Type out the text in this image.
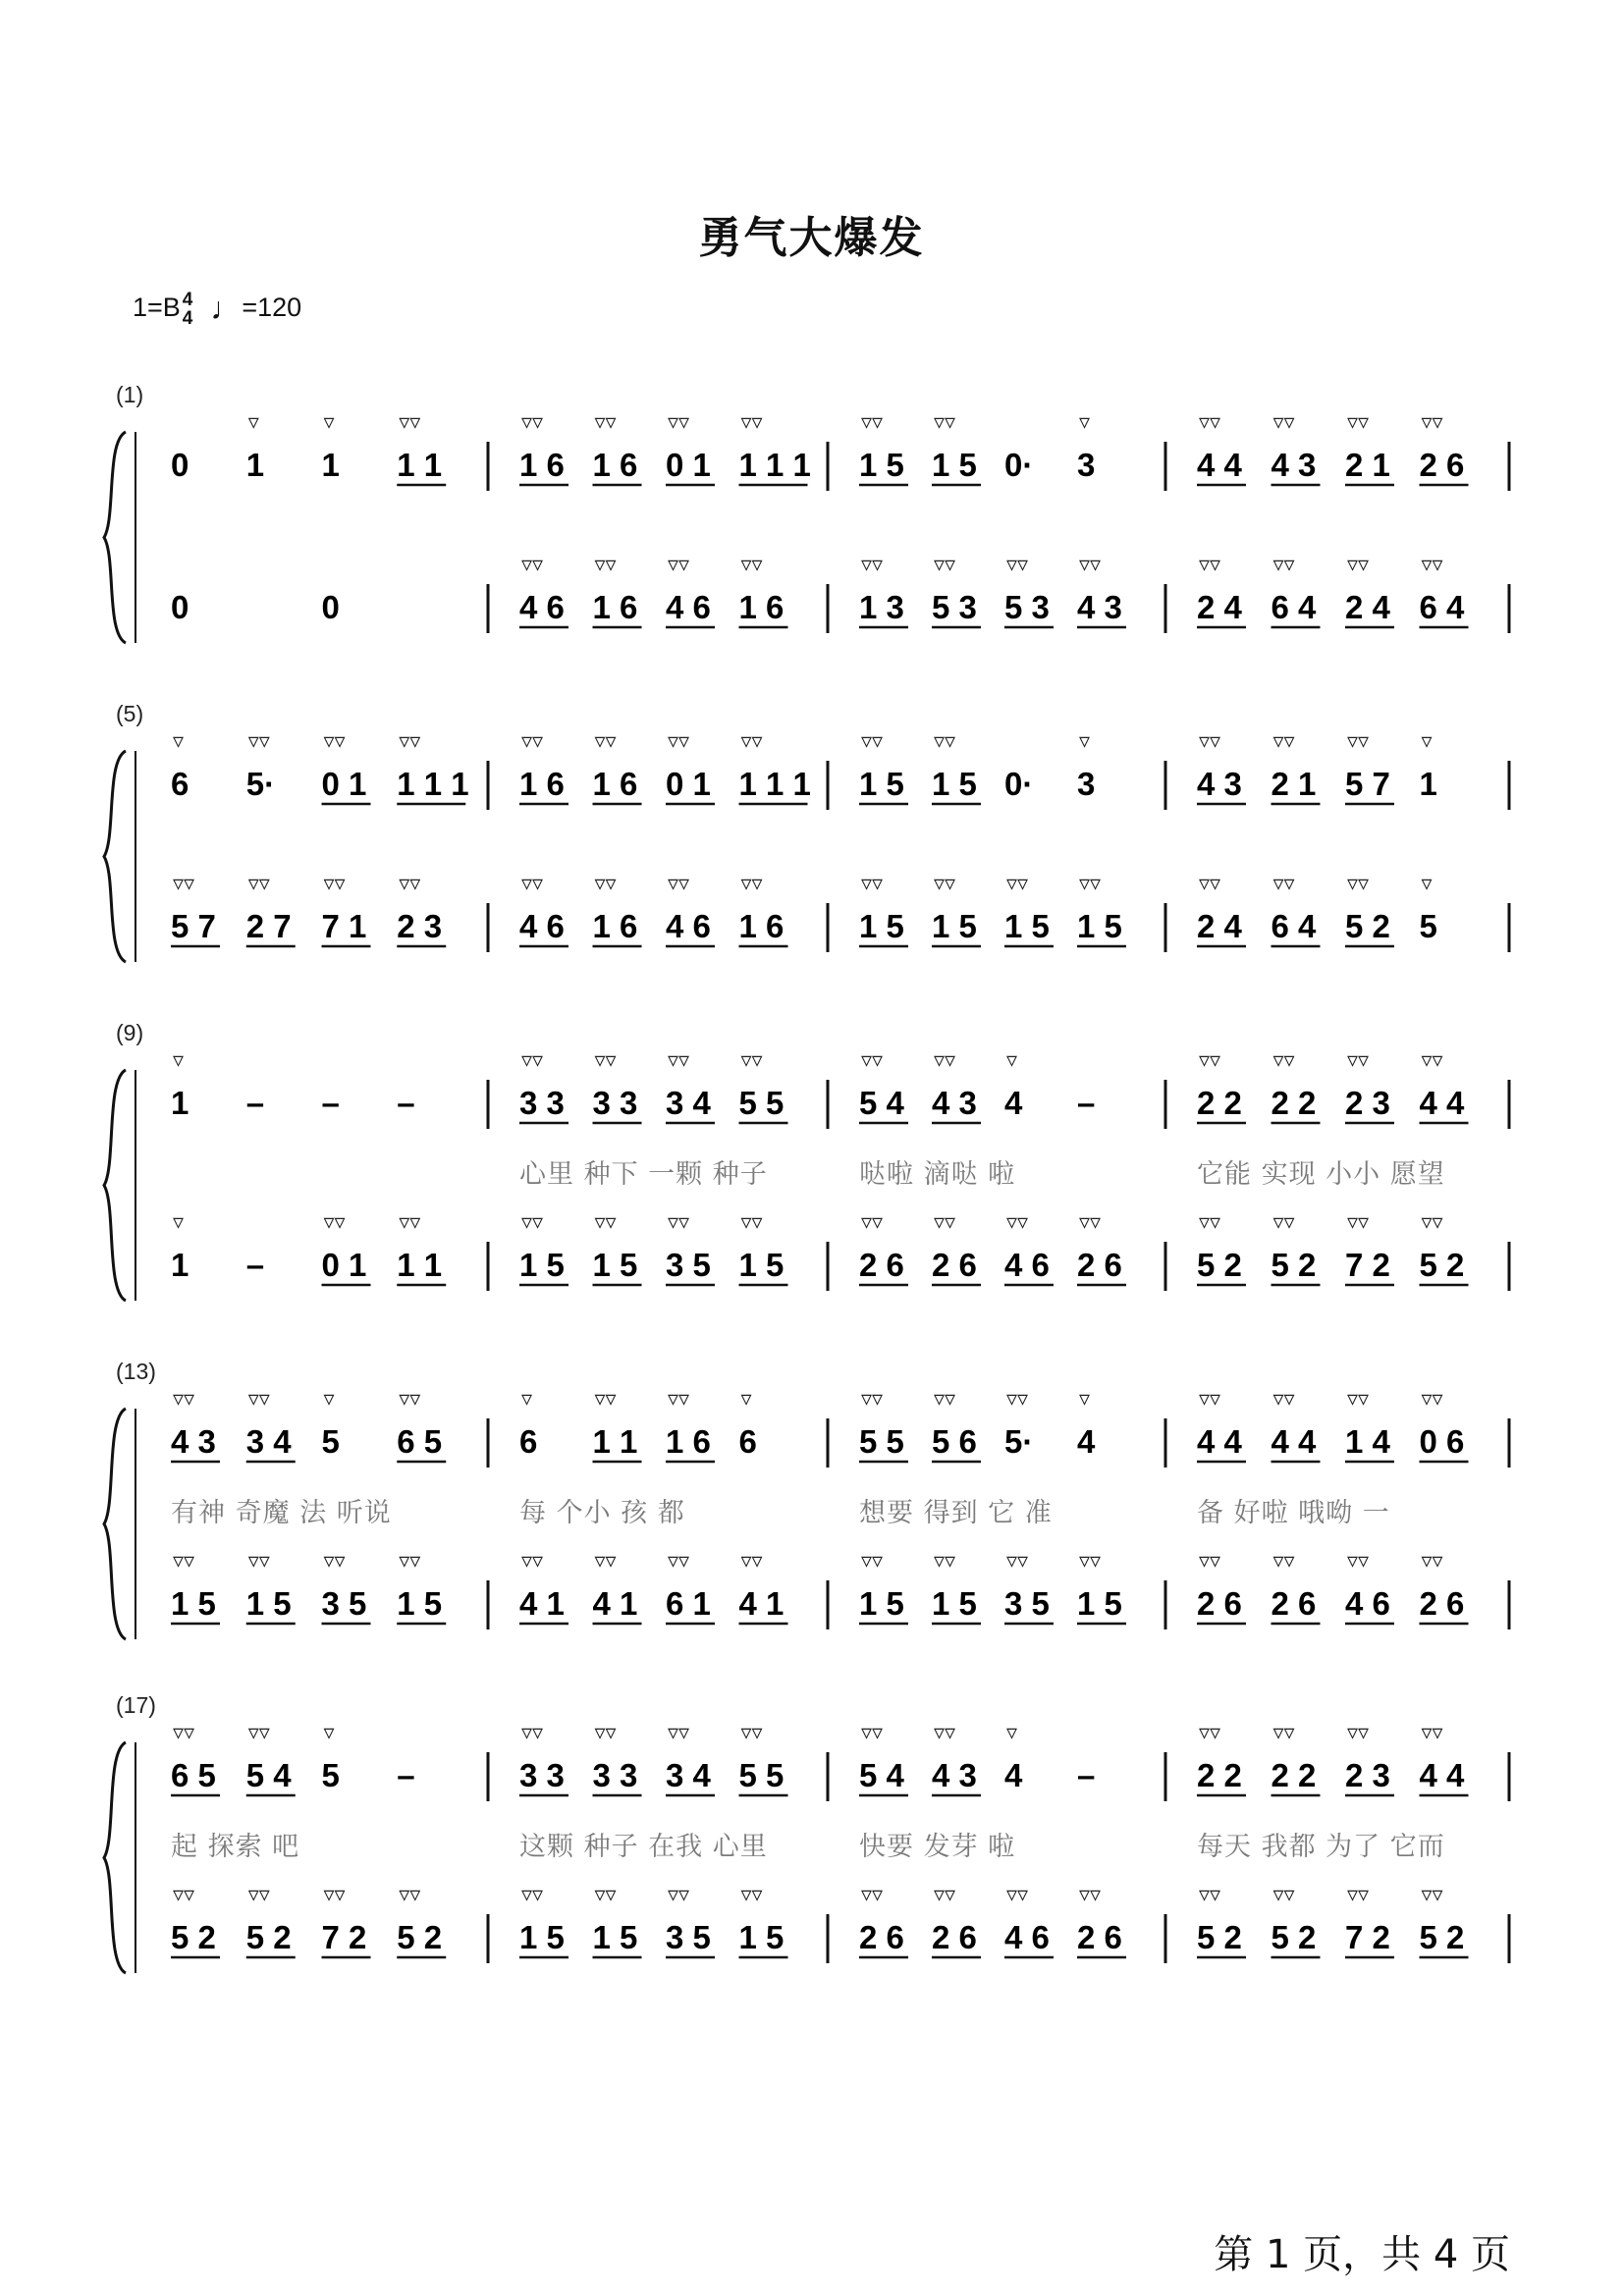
勇气大爆发
1=B 4
4 ♩=120
(1)
0 1
▿
1
▿
1 1
▿▿
0	0
1 6
▿▿
1 6
▿▿
0 1
▿▿
1 1 1
▿▿
4 6
▿▿
1 6
▿▿
4 6
▿▿
1 6
▿▿
1 5
▿▿
1 5
▿▿
0· 3
▿
1 3
▿▿
5 3
▿▿
5 3
▿▿
4 3
▿▿
4 4
▿▿
4 3
▿▿
2 1
▿▿
2 6
▿▿
2 4
▿▿
6 4
▿▿
2 4
▿▿
6 4
▿▿
(5)
6
▿
5·
▿▿
0 1
▿▿
1 1 1
▿▿
5 7
▿▿
2 7
▿▿
7 1
▿▿
2 3
▿▿
1 6
▿▿
1 6
▿▿
0 1
▿▿
1 1 1
▿▿
4 6
▿▿
1 6
▿▿
4 6
▿▿
1 6
▿▿
1 5
▿▿
1 5
▿▿
0· 3
▿
1 5
▿▿
1 5
▿▿
1 5
▿▿
1 5
▿▿
4 3
▿▿
2 1
▿▿
5 7
▿▿
1
▿
2 4
▿▿
6 4
▿▿
5 2
▿▿
5
▿
(9)
1
▿
– – –
1
▿
– 0 1
▿▿
1 1
▿▿
3 3
▿▿
3 3
▿▿
3 4
▿▿
5 5
▿▿
1 5
▿▿
1 5
▿▿
3 5
▿▿
1 5
▿▿
心里 种下 一颗 种子
5 4
▿▿
4 3
▿▿
4
▿
–
2 6
▿▿
2 6
▿▿
4 6
▿▿
2 6
▿▿
哒啦 滴哒 啦
2 2
▿▿
2 2
▿▿
2 3
▿▿
4 4
▿▿
5 2
▿▿
5 2
▿▿
7 2
▿▿
5 2
▿▿
它能 实现 小小 愿望
(13)
4 3
▿▿
3 4
▿▿
5
▿
6 5
▿▿
1 5
▿▿
1 5
▿▿
3 5
▿▿
1 5
▿▿
有神 奇魔 法 听说
6
▿
1 1
▿▿
1 6
▿▿
6
▿
4 1
▿▿
4 1
▿▿
6 1
▿▿
4 1
▿▿
每 个小 孩 都
5 5
▿▿
5 6
▿▿
5·
▿▿
4
▿
1 5
▿▿
1 5
▿▿
3 5
▿▿
1 5
▿▿
想要 得到 它 准
4 4
▿▿
4 4
▿▿
1 4
▿▿
0 6
▿▿
2 6
▿▿
2 6
▿▿
4 6
▿▿
2 6
▿▿
备 好啦 哦呦 一
(17)
6 5
▿▿
5 4
▿▿
5
▿
–
5 2
▿▿
5 2
▿▿
7 2
▿▿
5 2
▿▿
起 探索 吧
3 3
▿▿
3 3
▿▿
3 4
▿▿
5 5
▿▿
1 5
▿▿
1 5
▿▿
3 5
▿▿
1 5
▿▿
这颗 种子 在我 心里
5 4
▿▿
4 3
▿▿
4
▿
–
2 6
▿▿
2 6
▿▿
4 6
▿▿
2 6
▿▿
快要 发芽 啦
2 2
▿▿
2 2
▿▿
2 3
▿▿
4 4
▿▿
5 2
▿▿
5 2
▿▿
7 2
▿▿
5 2
▿▿
每天 我都 为了 它而
第 1 页，共 4 页
